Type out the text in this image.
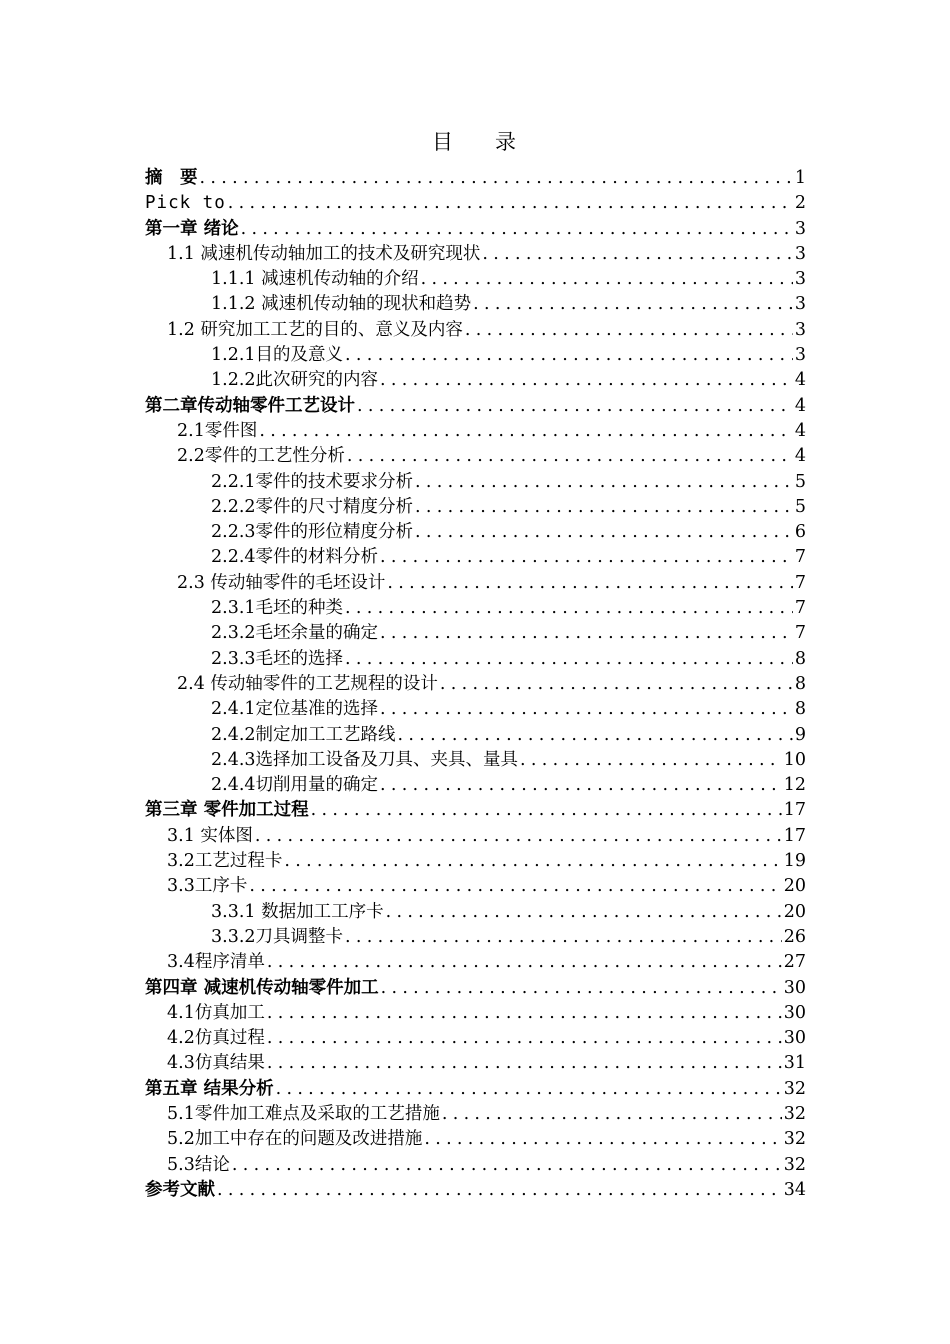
目 录
摘　要 .....	1
Pick to .....	2
第一章 绪论 .....	3
1.1 减速机传动轴加工的技术及研究现状 .....	3
1.1.1 减速机传动轴的介绍 .....	3
1.1.2 减速机传动轴的现状和趋势 .....	3
1.2 研究加工工艺的目的、意义及内容 .....	3
1.2.1目的及意义 .....	3
1.2.2此次研究的内容 .....	4
第二章传动轴零件工艺设计 .....	4
2.1零件图 .....	4
2.2零件的工艺性分析 .....	4
2.2.1零件的技术要求分析 .....	5
2.2.2零件的尺寸精度分析 .....	5
2.2.3零件的形位精度分析 .....	6
2.2.4零件的材料分析 .....	7
2.3 传动轴零件的毛坯设计 .....	7
2.3.1毛坯的种类 .....	7
2.3.2毛坯余量的确定 .....	7
2.3.3毛坯的选择 .....	8
2.4 传动轴零件的工艺规程的设计 .....	8
2.4.1定位基准的选择 .....	8
2.4.2制定加工工艺路线 .....	9
2.4.3选择加工设备及刀具、夹具、量具 .....	10
2.4.4切削用量的确定 .....	12
第三章 零件加工过程 .....	17
3.1 实体图 .....	17
3.2工艺过程卡 .....	19
3.3工序卡 .....	20
3.3.1 数据加工工序卡 .....	20
3.3.2刀具调整卡 .....	26
3.4程序清单 .....	27
第四章 减速机传动轴零件加工 .....	30
4.1仿真加工 .....	30
4.2仿真过程 .....	30
4.3仿真结果 .....	31
第五章 结果分析 .....	32
5.1零件加工难点及采取的工艺措施 .....	32
5.2加工中存在的问题及改进措施 .....	32
5.3结论 .....	32
参考文献 .....	34
